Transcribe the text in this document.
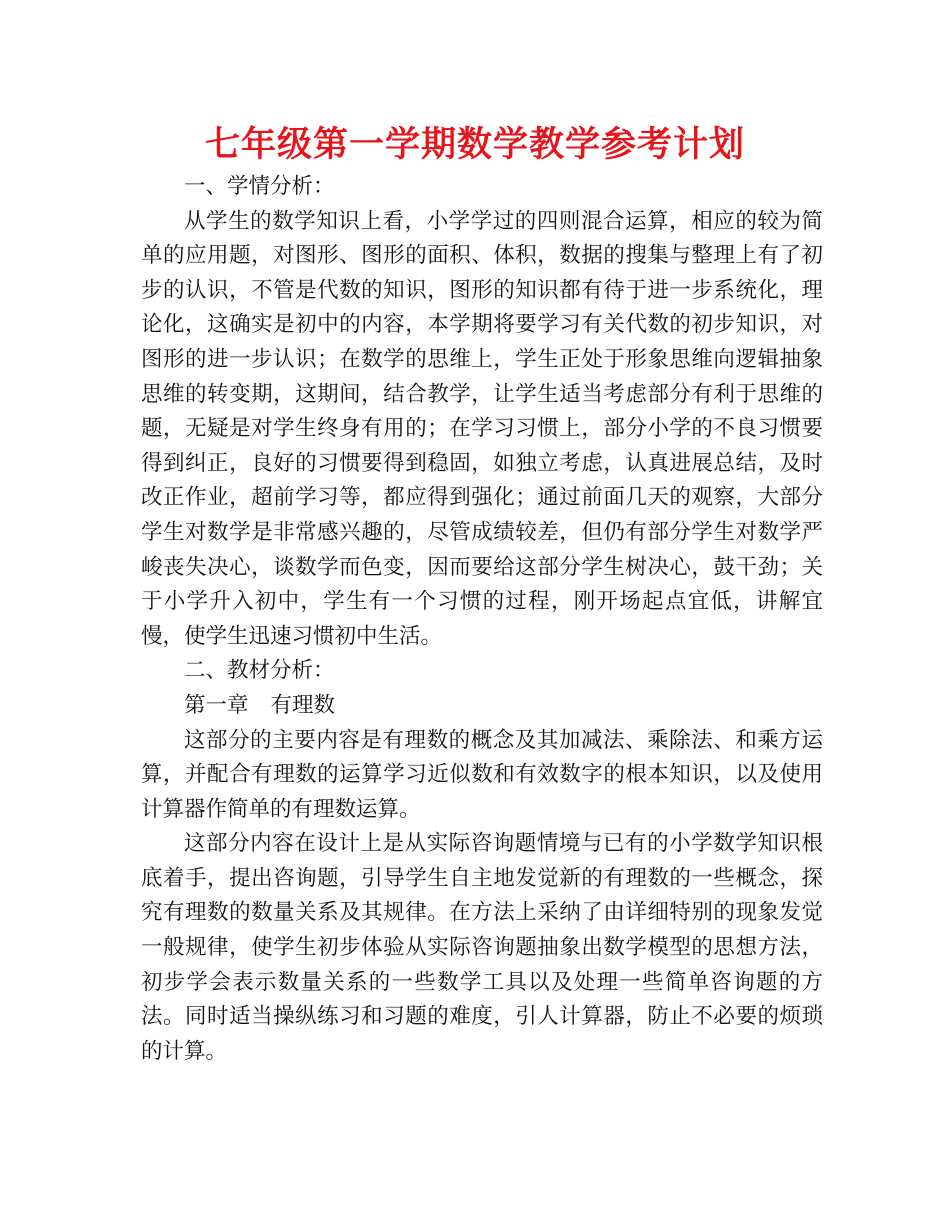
七年级第一学期数学教学参考计划

一、学情分析：

从学生的数学知识上看，小学学过的四则混合运算，相应的较为简单的应用题，对图形、图形的面积、体积，数据的搜集与整理上有了初步的认识，不管是代数的知识，图形的知识都有待于进一步系统化，理论化，这确实是初中的内容，本学期将要学习有关代数的初步知识，对图形的进一步认识；在数学的思维上，学生正处于形象思维向逻辑抽象思维的转变期，这期间，结合教学，让学生适当考虑部分有利于思维的题，无疑是对学生终身有用的；在学习习惯上，部分小学的不良习惯要得到纠正，良好的习惯要得到稳固，如独立考虑，认真进展总结，及时改正作业，超前学习等，都应得到强化；通过前面几天的观察，大部分学生对数学是非常感兴趣的，尽管成绩较差，但仍有部分学生对数学严峻丧失决心，谈数学而色变，因而要给这部分学生树决心，鼓干劲；关于小学升入初中，学生有一个习惯的过程，刚开场起点宜低，讲解宜慢，使学生迅速习惯初中生活。

二、教材分析：

第一章 有理数

这部分的主要内容是有理数的概念及其加减法、乘除法、和乘方运算，并配合有理数的运算学习近似数和有效数字的根本知识，以及使用计算器作简单的有理数运算。

这部分内容在设计上是从实际咨询题情境与已有的小学数学知识根底着手，提出咨询题，引导学生自主地发觉新的有理数的一些概念，探究有理数的数量关系及其规律。在方法上采纳了由详细特别的现象发觉一般规律，使学生初步体验从实际咨询题抽象出数学模型的思想方法，初步学会表示数量关系的一些数学工具以及处理一些简单咨询题的方法。同时适当操纵练习和习题的难度，引人计算器，防止不必要的烦琐的计算。
